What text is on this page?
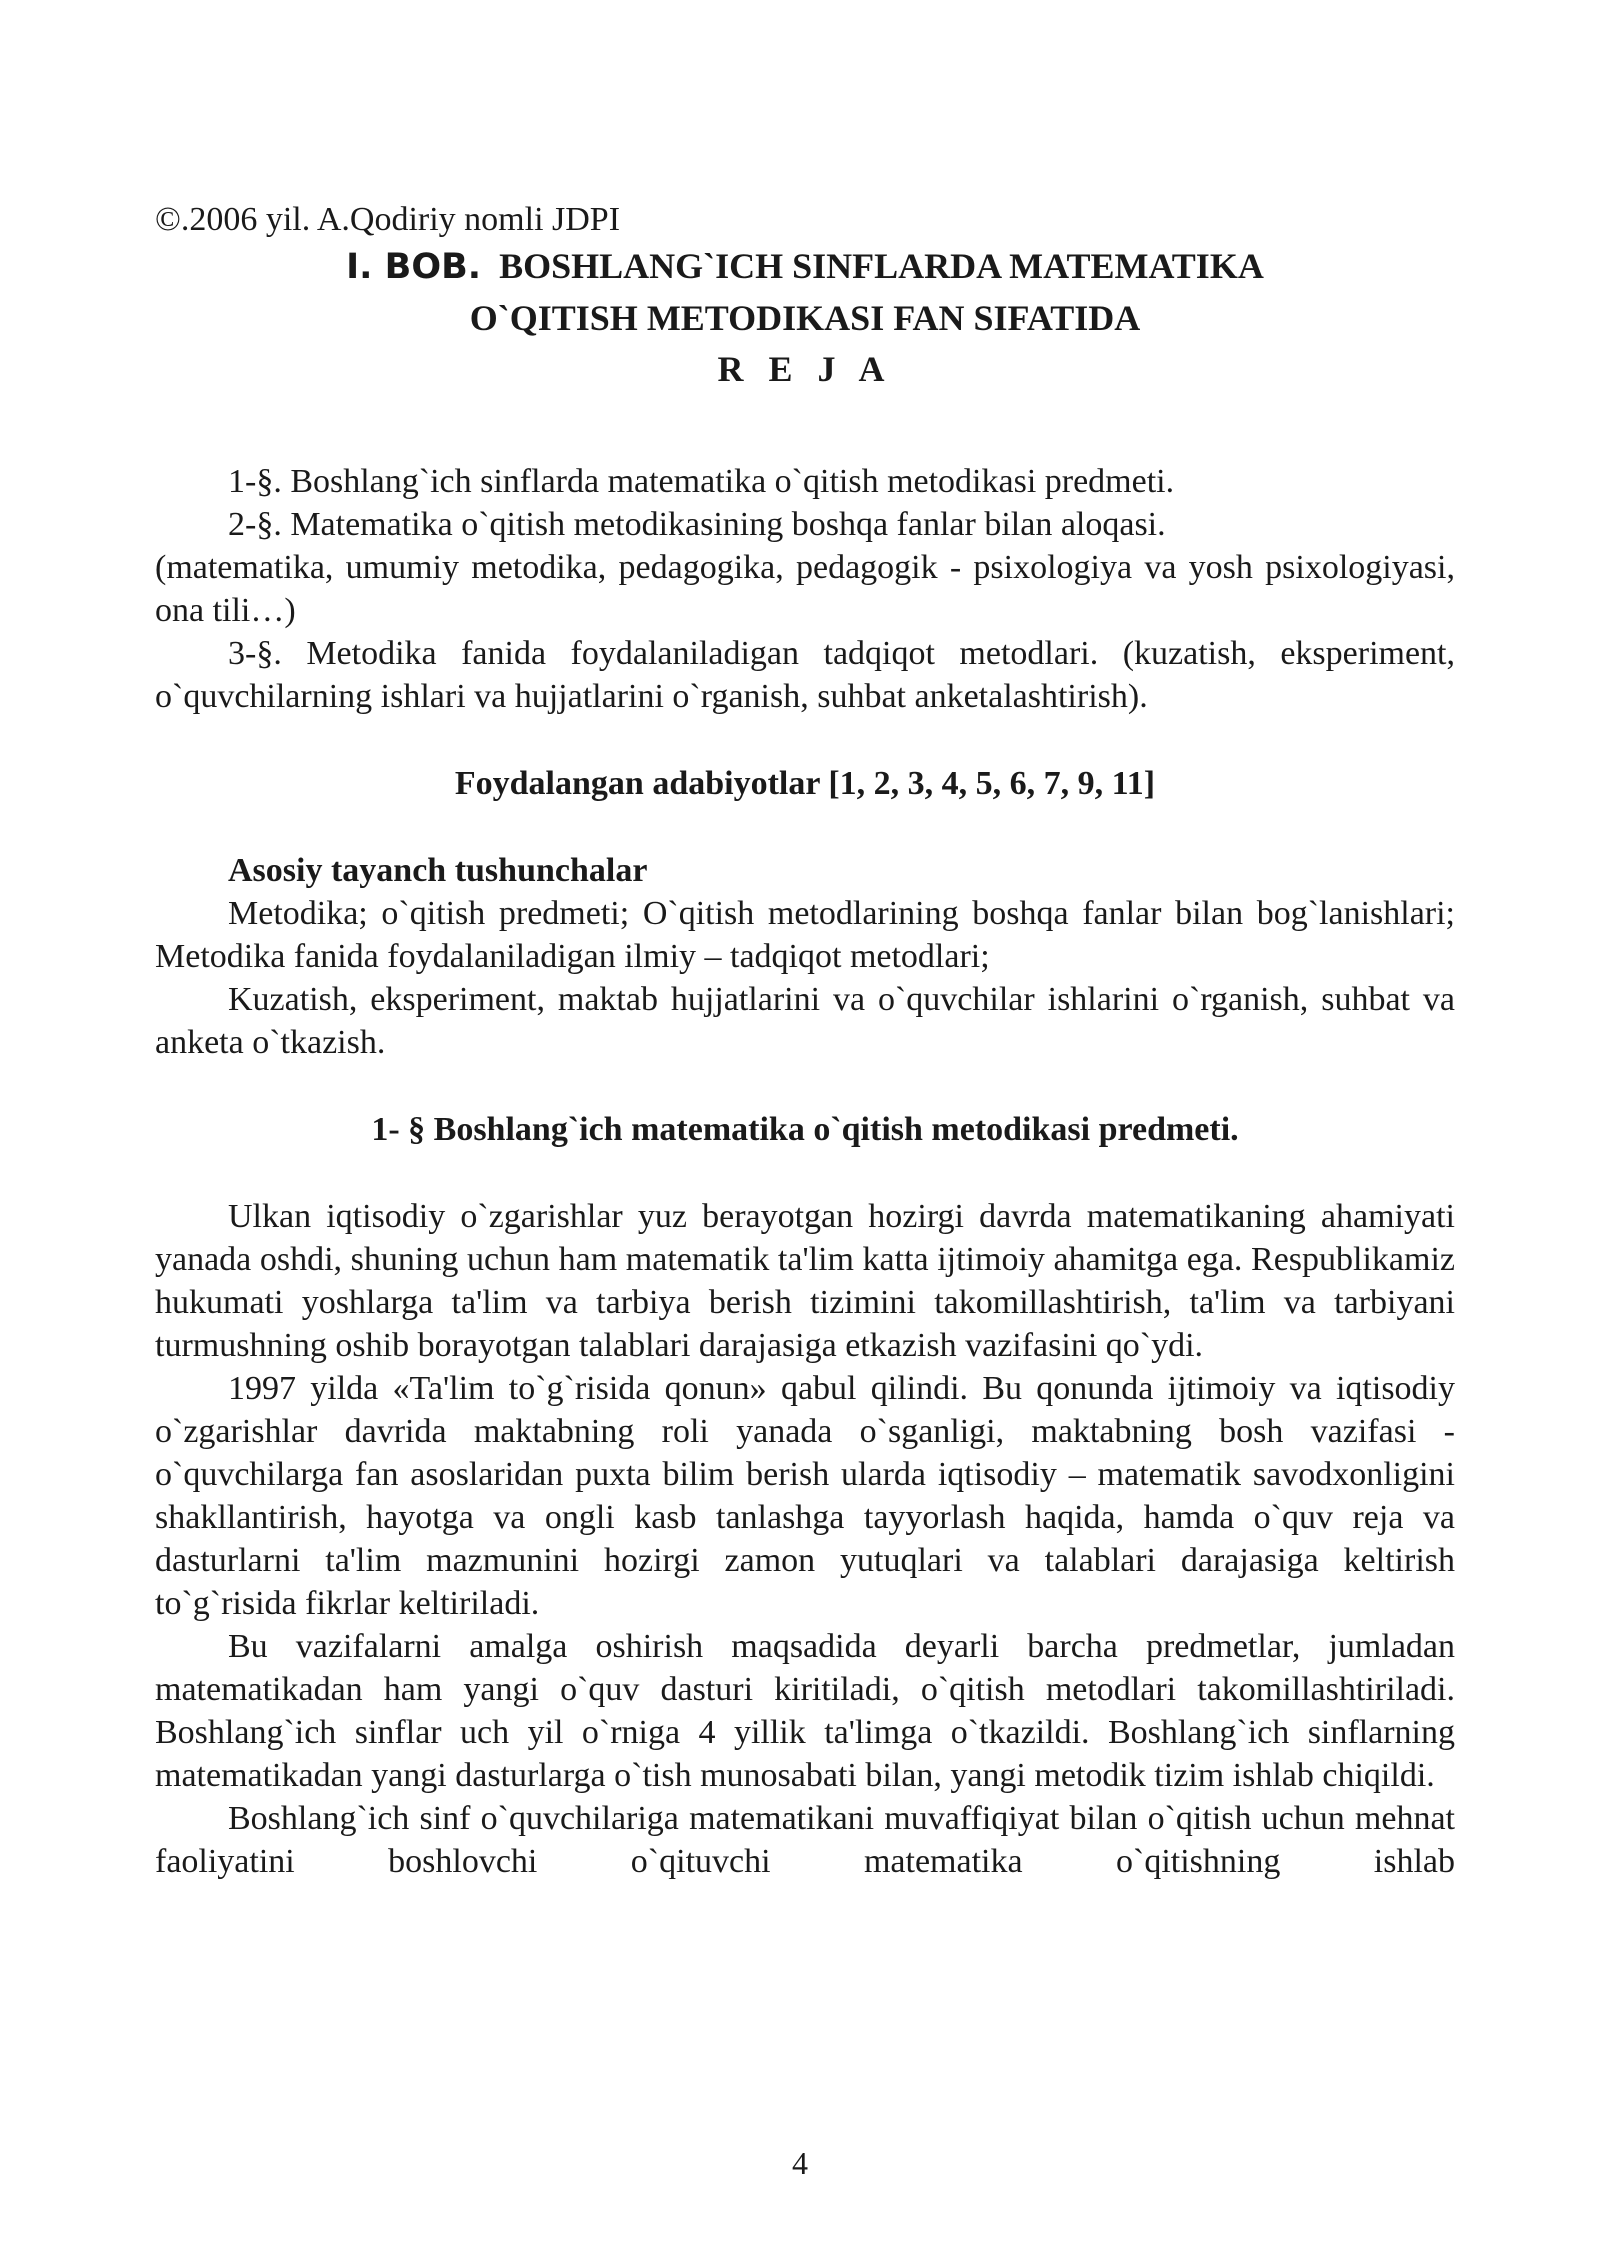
©.2006 yil. A.Qodiriy nomli JDPI

I. BOB. BOSHLANG`ICH SINFLARDA MATEMATIKA
O`QITISH METODIKASI FAN SIFATIDA
R E J A

1-§. Boshlang`ich sinflarda matematika o`qitish metodikasi predmeti.

2-§. Matematika o`qitish metodikasining boshqa fanlar bilan aloqasi.

(matematika, umumiy metodika, pedagogika, pedagogik - psixologiya va yosh psixologiyasi, ona tili…)

3-§. Metodika fanida foydalaniladigan tadqiqot metodlari. (kuzatish, eksperiment, o`quvchilarning ishlari va hujjatlarini o`rganish, suhbat anketalashtirish).

Foydalangan adabiyotlar [1, 2, 3, 4, 5, 6, 7, 9, 11]

Asosiy tayanch tushunchalar

Metodika; o`qitish predmeti; O`qitish metodlarining boshqa fanlar bilan bog`lanishlari; Metodika fanida foydalaniladigan ilmiy – tadqiqot metodlari;

Kuzatish, eksperiment, maktab hujjatlarini va o`quvchilar ishlarini o`rganish, suhbat va anketa o`tkazish.

1- § Boshlang`ich matematika o`qitish metodikasi predmeti.

Ulkan iqtisodiy o`zgarishlar yuz berayotgan hozirgi davrda matematikaning ahamiyati yanada oshdi, shuning uchun ham matematik ta'lim katta ijtimoiy ahamitga ega. Respublikamiz hukumati yoshlarga ta'lim va tarbiya berish tizimini takomillashtirish, ta'lim va tarbiyani turmushning oshib borayotgan talablari darajasiga etkazish vazifasini qo`ydi.

1997 yilda «Ta'lim to`g`risida qonun» qabul qilindi. Bu qonunda ijtimoiy va iqtisodiy o`zgarishlar davrida maktabning roli yanada o`sganligi, maktabning bosh vazifasi - o`quvchilarga fan asoslaridan puxta bilim berish ularda iqtisodiy – matematik savodxonligini shakllantirish, hayotga va ongli kasb tanlashga tayyorlash haqida, hamda o`quv reja va dasturlarni ta'lim mazmunini hozirgi zamon yutuqlari va talablari darajasiga keltirish to`g`risida fikrlar keltiriladi.

Bu vazifalarni amalga oshirish maqsadida deyarli barcha predmetlar, jumladan matematikadan ham yangi o`quv dasturi kiritiladi, o`qitish metodlari takomillashtiriladi. Boshlang`ich sinflar uch yil o`rniga 4 yillik ta'limga o`tkazildi. Boshlang`ich sinflarning matematikadan yangi dasturlarga o`tish munosabati bilan, yangi metodik tizim ishlab chiqildi.

Boshlang`ich sinf o`quvchilariga matematikani muvaffiqiyat bilan o`qitish uchun mehnat faoliyatini boshlovchi o`qituvchi matematika o`qitishning ishlab

4
